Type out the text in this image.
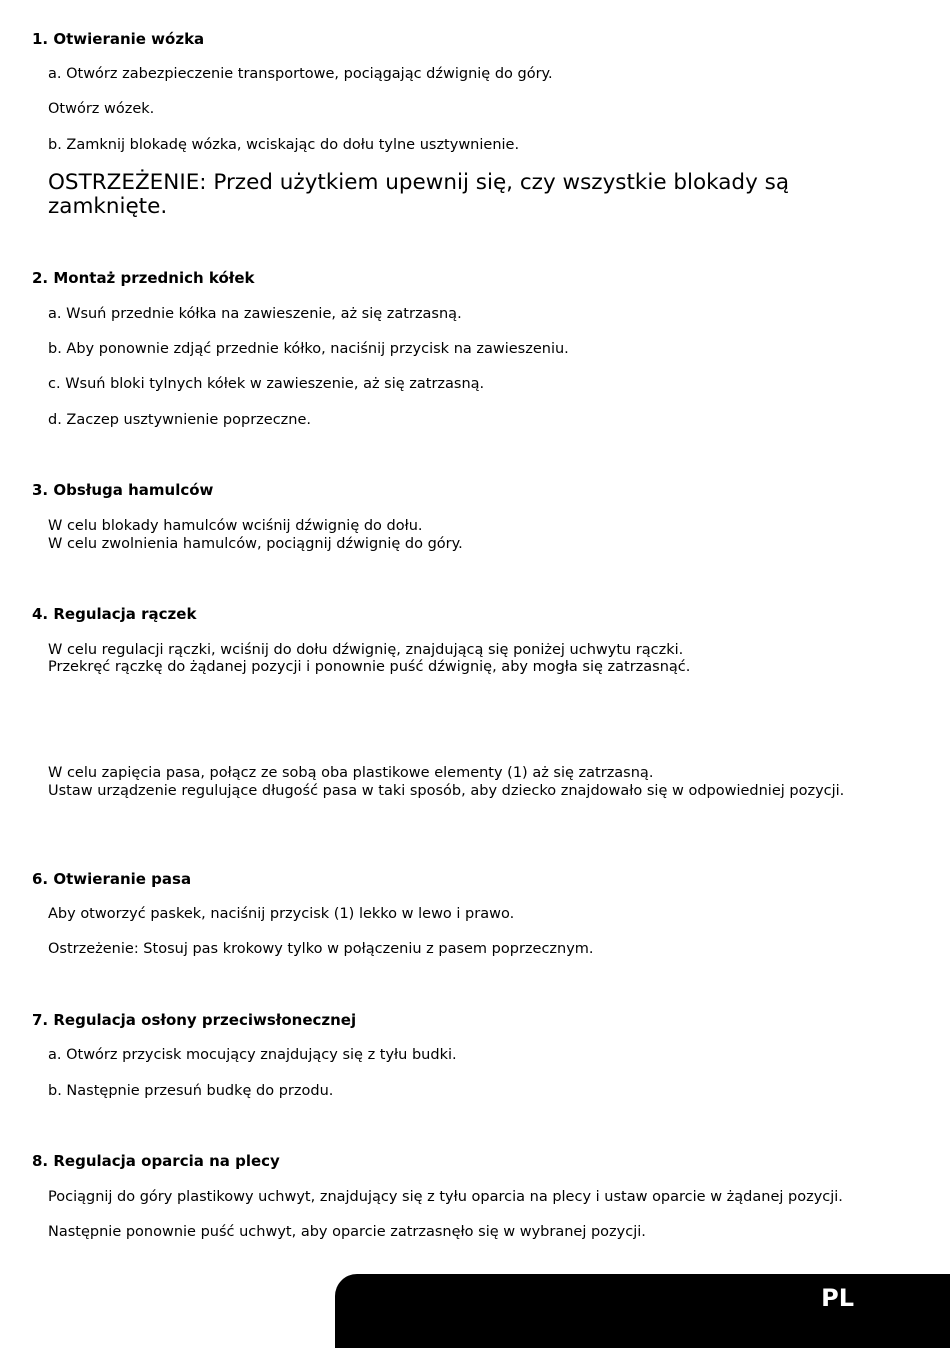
1. Otwieranie wózka
a. Otwórz zabezpieczenie transportowe, pociągając dźwignię do góry.
Otwórz wózek.
b. Zamknij blokadę wózka, wciskając do dołu tylne usztywnienie.
OSTRZEŻENIE: Przed użytkiem upewnij się, czy wszystkie blokady są zamknięte.
2. Montaż przednich kółek
a. Wsuń przednie kółka na zawieszenie, aż się zatrzasną.
b. Aby ponownie zdjąć przednie kółko, naciśnij przycisk na zawieszeniu.
c. Wsuń bloki tylnych kółek w zawieszenie, aż się zatrzasną.
d. Zaczep usztywnienie poprzeczne.
3. Obsługa hamulców
W celu blokady hamulców wciśnij dźwignię do dołu.
W celu zwolnienia hamulców, pociągnij dźwignię do góry.
4. Regulacja rączek
W celu regulacji rączki, wciśnij do dołu dźwignię, znajdującą się poniżej uchwytu rączki.
Przekręć rączkę do żądanej pozycji i ponownie puść dźwignię, aby mogła się zatrzasnąć.
W celu zapięcia pasa, połącz ze sobą oba plastikowe elementy (1) aż się zatrzasną.
Ustaw urządzenie regulujące długość pasa w taki sposób, aby dziecko znajdowało się w odpowiedniej pozycji.
6. Otwieranie pasa
Aby otworzyć paskek, naciśnij przycisk (1) lekko w lewo i prawo.
Ostrzeżenie: Stosuj pas krokowy tylko w połączeniu z pasem poprzecznym.
7. Regulacja osłony przeciwsłonecznej
a. Otwórz przycisk mocujący znajdujący się z tyłu budki.
b. Następnie przesuń budkę do przodu.
8. Regulacja oparcia na plecy
Pociągnij do góry plastikowy uchwyt, znajdujący się z tyłu oparcia na plecy i ustaw oparcie w żądanej pozycji.
Następnie ponownie puść uchwyt, aby oparcie zatrzasnęło się w wybranej pozycji.
PL
